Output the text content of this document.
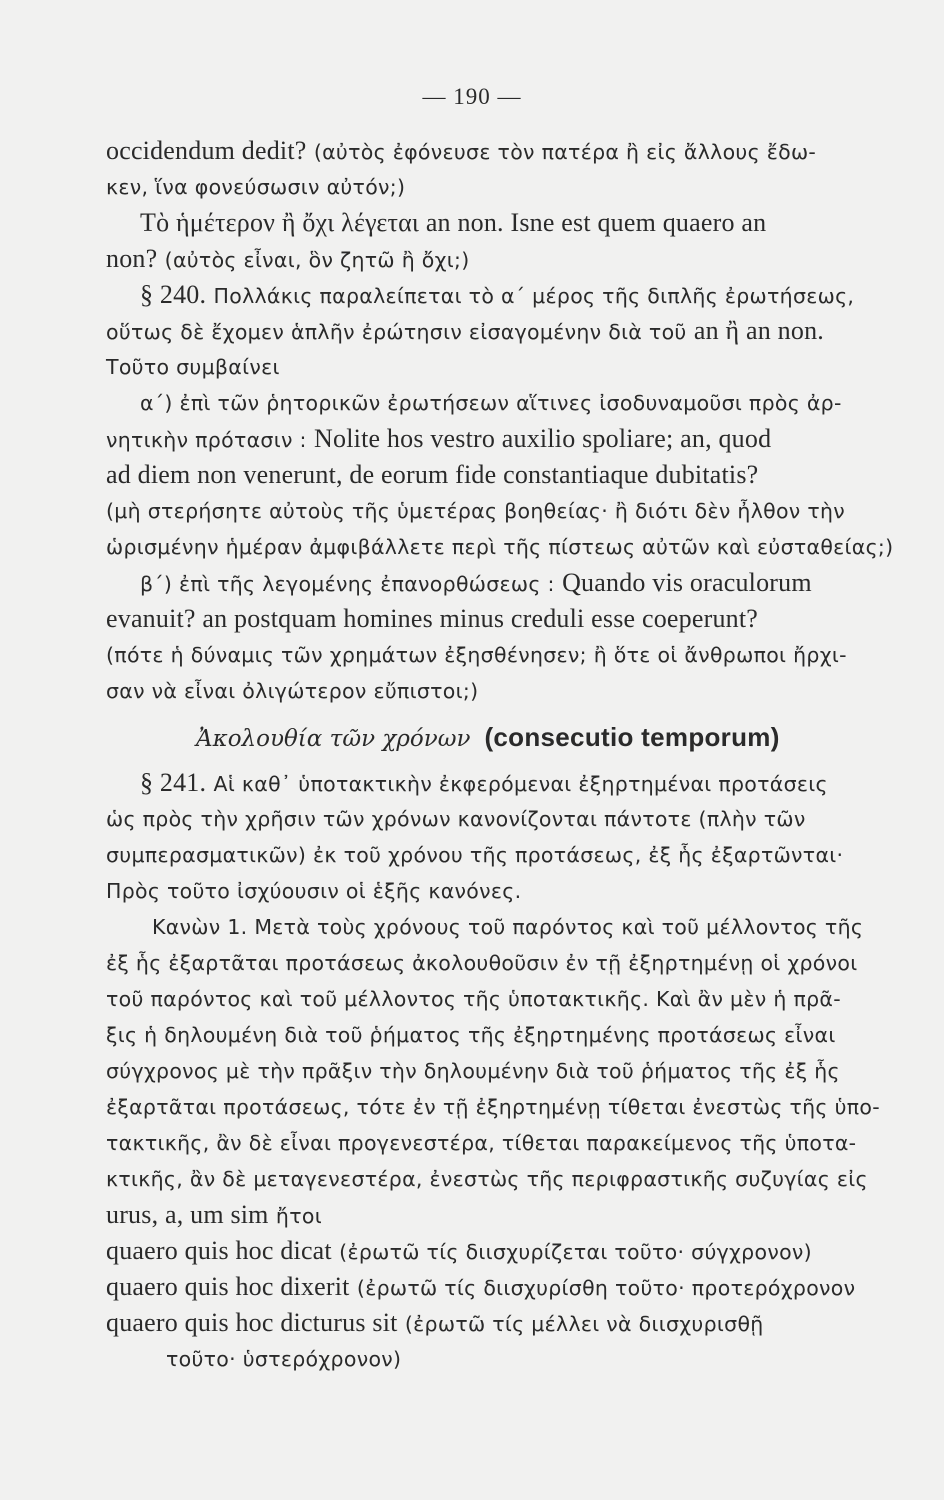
— 190 —
occidendum dedit? (αὐτὸς ἐφόνευσε τὸν πατέρα ἢ εἰς ἄλλους ἔδω-
κεν, ἵνα φονεύσωσιν αὐτόν;)
Τὸ ἡμέτερον ἢ ὄχι λέγεται an non. Isne est quem quaero an
non? (αὐτὸς εἶναι, ὃν ζητῶ ἢ ὄχι;)
§ 240. Πολλάκις παραλείπεται τὸ α΄ μέρος τῆς διπλῆς ἐρωτήσεως,
οὕτως δὲ ἔχομεν ἁπλῆν ἐρώτησιν εἰσαγομένην διὰ τοῦ an ἢ an non.
Τοῦτο συμβαίνει
α΄) ἐπὶ τῶν ῥητορικῶν ἐρωτήσεων αἵτινες ἰσοδυναμοῦσι πρὸς ἀρ-
νητικὴν πρότασιν : Nolite hos vestro auxilio spoliare; an, quod
ad diem non venerunt, de eorum fide constantiaque dubitatis?
(μὴ στερήσητε αὐτοὺς τῆς ὑμετέρας βοηθείας· ἢ διότι δὲν ἦλθον τὴν
ὡρισμένην ἡμέραν ἀμφιβάλλετε περὶ τῆς πίστεως αὐτῶν καὶ εὐσταθείας;)
β΄) ἐπὶ τῆς λεγομένης ἐπανορθώσεως : Quando vis oraculorum
evanuit? an postquam homines minus creduli esse coeperunt?
(πότε ἡ δύναμις τῶν χρημάτων ἐξησθένησεν; ἢ ὅτε οἱ ἄνθρωποι ἤρχι-
σαν νὰ εἶναι ὀλιγώτερον εὔπιστοι;)
Ἀκολουθία τῶν χρόνων (consecutio temporum)
§ 241. Αἱ καθ᾿ ὑποτακτικὴν ἐκφερόμεναι ἐξηρτημέναι προτάσεις
ὡς πρὸς τὴν χρῆσιν τῶν χρόνων κανονίζονται πάντοτε (πλὴν τῶν
συμπερασματικῶν) ἐκ τοῦ χρόνου τῆς προτάσεως, ἐξ ἧς ἐξαρτῶνται·
Πρὸς τοῦτο ἰσχύουσιν οἱ ἑξῆς κανόνες.
Κανὼν 1. Μετὰ τοὺς χρόνους τοῦ παρόντος καὶ τοῦ μέλλοντος τῆς
ἐξ ἧς ἐξαρτᾶται προτάσεως ἀκολουθοῦσιν ἐν τῇ ἐξηρτημένῃ οἱ χρόνοι
τοῦ παρόντος καὶ τοῦ μέλλοντος τῆς ὑποτακτικῆς. Καὶ ἂν μὲν ἡ πρᾶ-
ξις ἡ δηλουμένη διὰ τοῦ ῥήματος τῆς ἐξηρτημένης προτάσεως εἶναι
σύγχρονος μὲ τὴν πρᾶξιν τὴν δηλουμένην διὰ τοῦ ῥήματος τῆς ἐξ ἧς
ἐξαρτᾶται προτάσεως, τότε ἐν τῇ ἐξηρτημένῃ τίθεται ἐνεστὼς τῆς ὑπο-
τακτικῆς, ἂν δὲ εἶναι προγενεστέρα, τίθεται παρακείμενος τῆς ὑποτα-
κτικῆς, ἂν δὲ μεταγενεστέρα, ἐνεστὼς τῆς περιφραστικῆς συζυγίας εἰς
urus, a, um sim ἤτοι
quaero quis hoc dicat (ἐρωτῶ τίς διισχυρίζεται τοῦτο· σύγχρονον)
quaero quis hoc dixerit (ἐρωτῶ τίς διισχυρίσθη τοῦτο· προτερόχρονον
quaero quis hoc dicturus sit (ἐρωτῶ τίς μέλλει νὰ διισχυρισθῇ
τοῦτο· ὑστερόχρονον)
